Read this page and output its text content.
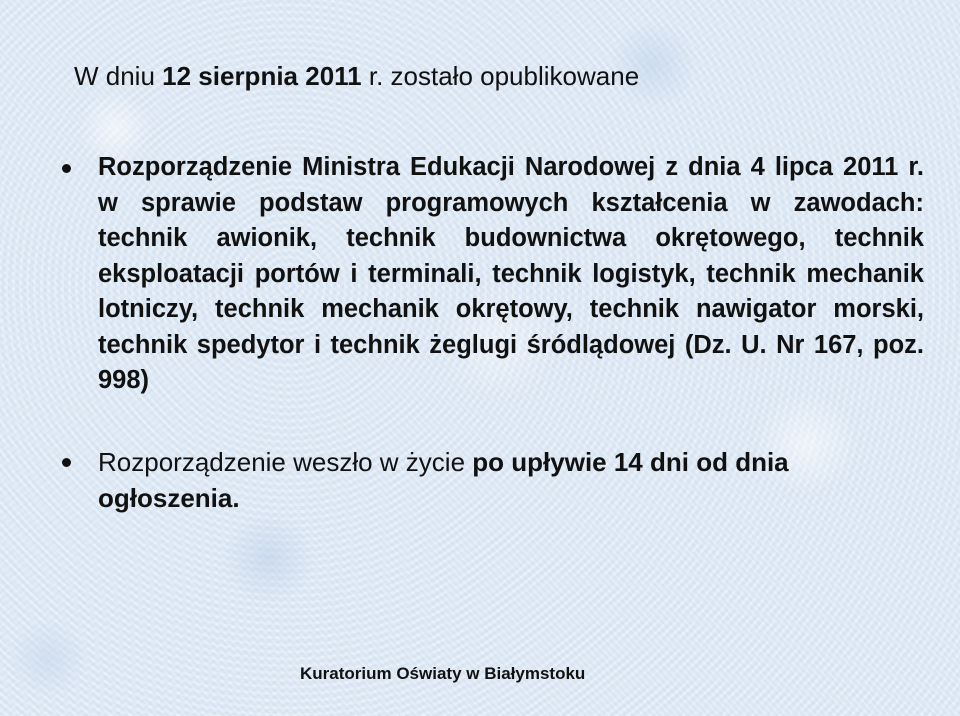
W dniu 12 sierpnia 2011 r. zostało opublikowane

Rozporządzenie Ministra Edukacji Narodowej z dnia 4 lipca 2011 r. w sprawie podstaw programowych kształcenia w zawodach: technik awionik, technik budownictwa okrętowego, technik eksploatacji portów i terminali, technik logistyk, technik mechanik lotniczy, technik mechanik okrętowy, technik nawigator morski, technik spedytor i technik żeglugi śródlądowej (Dz. U. Nr 167, poz. 998)
Rozporządzenie weszło w życie po upływie 14 dni od dnia ogłoszenia.
Kuratorium Oświaty w Białymstoku
